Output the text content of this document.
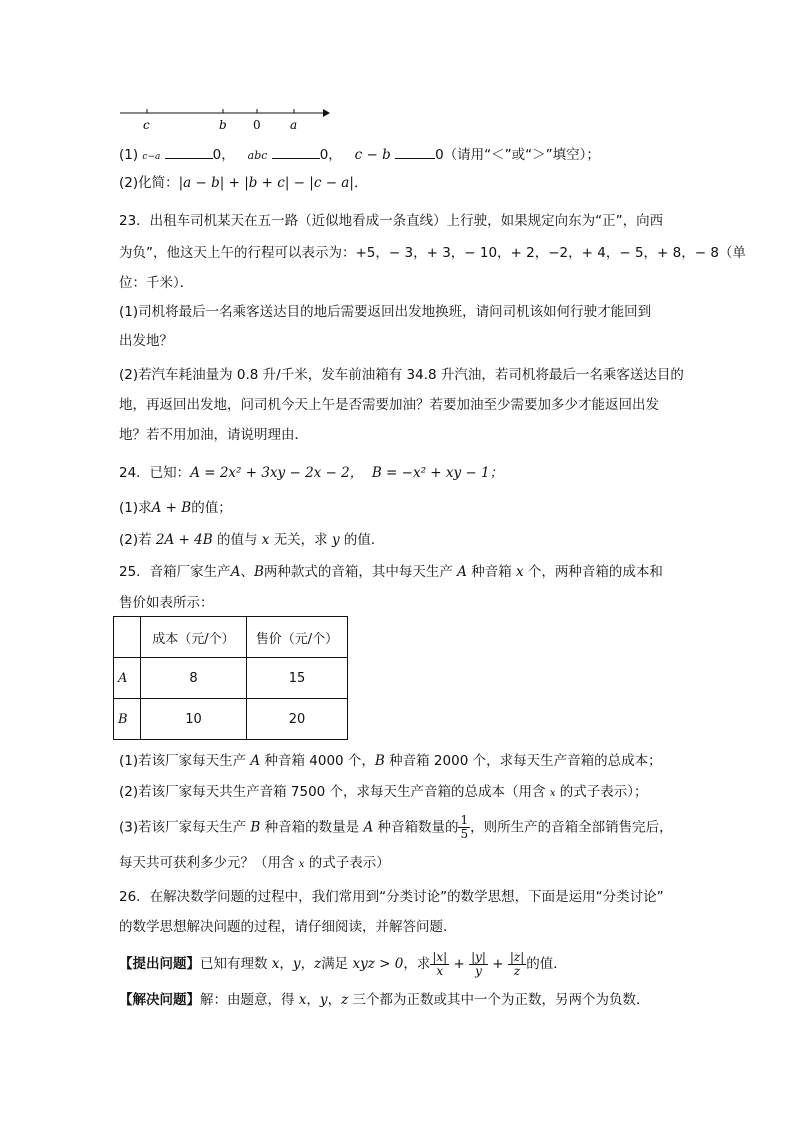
c	b 0 a
(1) c−a	0， abc	0， c − b	0（请用“＜”或“＞”填空）；
(2)化简：|a − b| + |b + c| − |c − a|．
23．出租车司机某天在五一路（近似地看成一条直线）上行驶，如果规定向东为“正”，向西
为负”，他这天上午的行程可以表示为：+5，− 3，+ 3，− 10，+ 2，−2，+ 4，− 5，+ 8，− 8（单
位：千米）．
(1)司机将最后一名乘客送达目的地后需要返回出发地换班，请问司机该如何行驶才能回到
出发地？
(2)若汽车耗油量为 0.8 升/千米，发车前油箱有 34.8 升汽油，若司机将最后一名乘客送达目的
地，再返回出发地，问司机今天上午是否需要加油？若要加油至少需要加多少才能返回出发
地？若不用加油，请说明理由．
24．已知：A = 2x² + 3xy − 2x − 2， B = −x² + xy − 1；
(1)求A + B的值；
(2)若 2A + 4B 的值与 x 无关，求 y 的值．
25．音箱厂家生产A、B两种款式的音箱，其中每天生产 A 种音箱 x 个，两种音箱的成本和
售价如表所示：
	成本（元/个）	售价（元/个）
A	8	15
B	10	20
(1)若该厂家每天生产 A 种音箱 4000 个，B 种音箱 2000 个，求每天生产音箱的总成本；
(2)若该厂家每天共生产音箱 7500 个，求每天生产音箱的总成本（用含 x 的式子表示）；
(3)若该厂家每天生产 B 种音箱的数量是 A 种音箱数量的 $\frac{1}{5}$ ，则所生产的音箱全部销售完后，
每天共可获利多少元？（用含 x 的式子表示）
26．在解决数学问题的过程中，我们常用到“分类讨论”的数学思想，下面是运用“分类讨论”
的数学思想解决问题的过程，请仔细阅读，并解答问题．
【提出问题】已知有理数 x，y，z满足 xyz > 0，求 $\frac{|x|}{x} + \frac{|y|}{y} + \frac{|z|}{z}$ 的值．
【解决问题】解：由题意，得 x，y，z 三个都为正数或其中一个为正数，另两个为负数．
